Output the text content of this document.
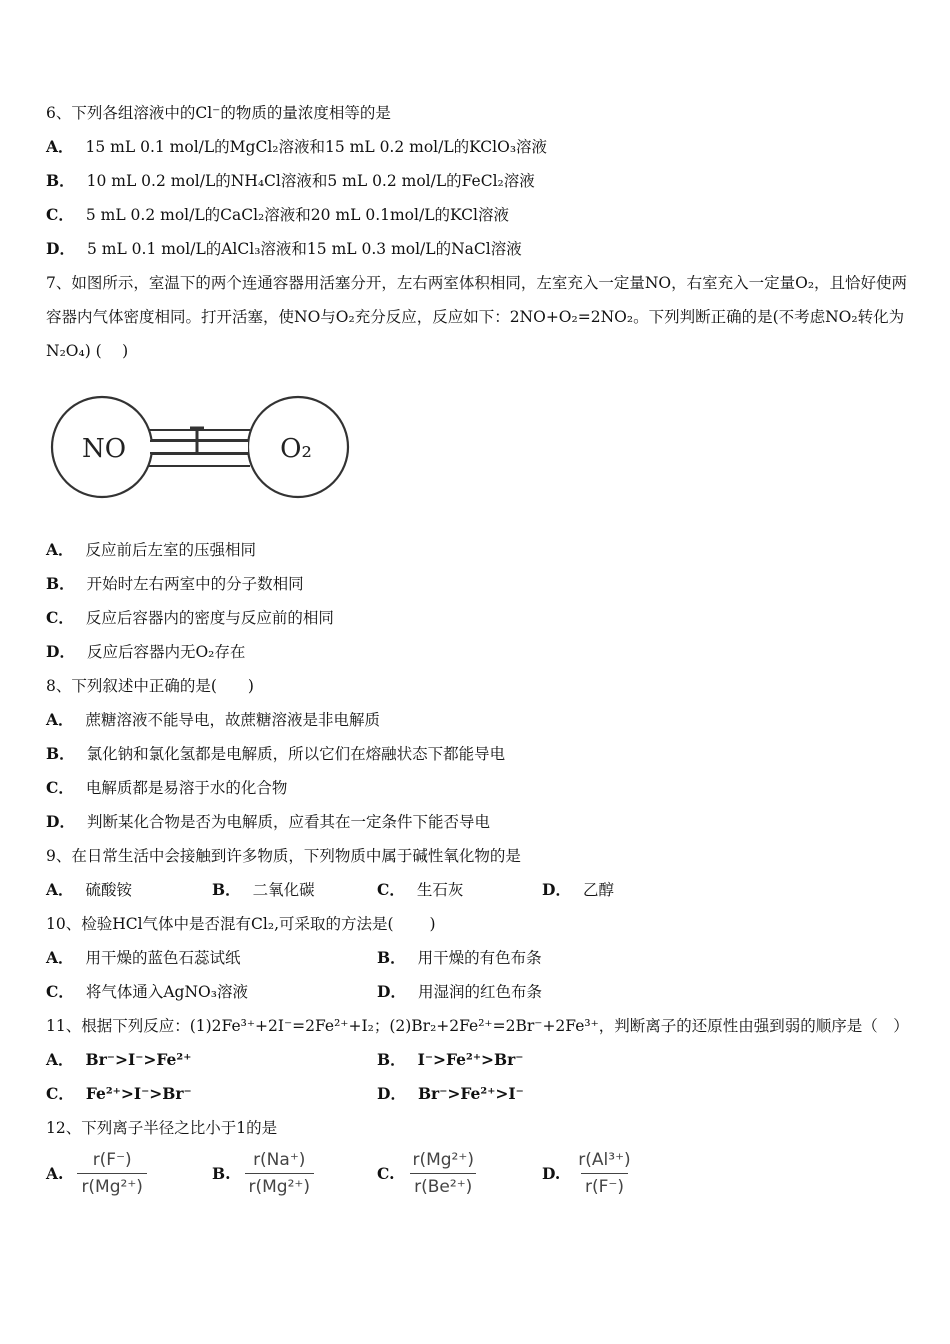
6、下列各组溶液中的Cl⁻的物质的量浓度相等的是
A． 15 mL 0.1 mol/L的MgCl₂溶液和15 mL 0.2 mol/L的KClO₃溶液
B． 10 mL 0.2 mol/L的NH₄Cl溶液和5 mL 0.2 mol/L的FeCl₂溶液
C． 5 mL 0.2 mol/L的CaCl₂溶液和20 mL 0.1mol/L的KCl溶液
D． 5 mL 0.1 mol/L的AlCl₃溶液和15 mL 0.3 mol/L的NaCl溶液
7、如图所示，室温下的两个连通容器用活塞分开，左右两室体积相同，左室充入一定量NO，右室充入一定量O₂，且恰好使两容器内气体密度相同。打开活塞，使NO与O₂充分反应，反应如下：2NO+O₂=2NO₂。下列判断正确的是(不考虑NO₂转化为N₂O₄) (　 )
NO	O₂
A． 反应前后左室的压强相同
B． 开始时左右两室中的分子数相同
C． 反应后容器内的密度与反应前的相同
D． 反应后容器内无O₂存在
8、下列叙述中正确的是(　　)
A． 蔗糖溶液不能导电，故蔗糖溶液是非电解质
B． 氯化钠和氯化氢都是电解质，所以它们在熔融状态下都能导电
C． 电解质都是易溶于水的化合物
D． 判断某化合物是否为电解质，应看其在一定条件下能否导电
9、在日常生活中会接触到许多物质，下列物质中属于碱性氧化物的是
A． 硫酸铵	B． 二氧化碳	C． 生石灰	D． 乙醇
10、检验HCl气体中是否混有Cl₂,可采取的方法是(　　 )
A． 用干燥的蓝色石蕊试纸	B． 用干燥的有色布条
C． 将气体通入AgNO₃溶液	D． 用湿润的红色布条
11、根据下列反应：(1)2Fe³⁺+2I⁻=2Fe²⁺+I₂；(2)Br₂+2Fe²⁺=2Br⁻+2Fe³⁺，判断离子的还原性由强到弱的顺序是（　）
A． Br⁻>I⁻>Fe²⁺	B． I⁻>Fe²⁺>Br⁻
C． Fe²⁺>I⁻>Br⁻	D． Br⁻>Fe²⁺>I⁻
12、下列离子半径之比小于1的是
A. $\frac{r(F^-)}{\text{r(Mg²⁺)}}$	B. $\frac{r(Na^+)}{\text{r(Mg²⁺)}}$	C. $\frac{\text{r(Mg²⁺)}}{\text{r(Be²⁺)}}$	D. $\frac{\text{r(Al³⁺)}}{r(F^-)}$
